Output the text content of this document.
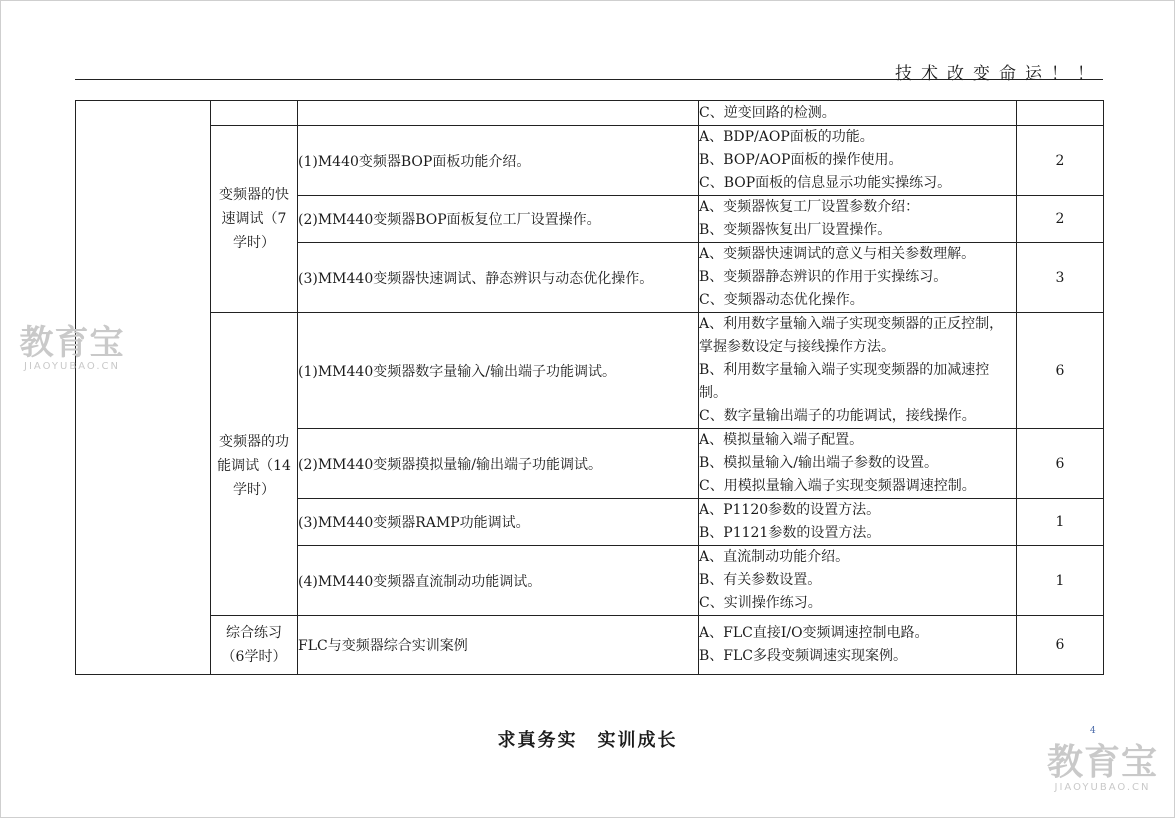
技术改变命运！！

			C、逆变回路的检测。	

	变频器的快速调试（7学时）	(1)M440变频器BOP面板功能介绍。	A、BDP/AOP面板的功能。
B、BOP/AOP面板的操作使用。
C、BOP面板的信息显示功能实操练习。	2
		(2)MM440变频器BOP面板复位工厂设置操作。	A、变频器恢复工厂设置参数介绍：
B、变频器恢复出厂设置操作。	2
		(3)MM440变频器快速调试、静态辨识与动态优化操作。	A、变频器快速调试的意义与相关参数理解。
B、变频器静态辨识的作用于实操练习。
C、变频器动态优化操作。	3
	变频器的功能调试（14学时）	(1)MM440变频器数字量输入/输出端子功能调试。	A、利用数字量输入端子实现变频器的正反控制，掌握参数设定与接线操作方法。
B、利用数字量输入端子实现变频器的加减速控制。
C、数字量输出端子的功能调试，接线操作。	6
		(2)MM440变频器摸拟量输/输出端子功能调试。	A、模拟量输入端子配置。
B、模拟量输入/输出端子参数的设置。
C、用模拟量输入端子实现变频器调速控制。	6
		(3)MM440变频器RAMP功能调试。	A、P1120参数的设置方法。
B、P1121参数的设置方法。	1
		(4)MM440变频器直流制动功能调试。	A、直流制动功能介绍。
B、有关参数设置。
C、实训操作练习。	1
	综合练习（6学时）	FLC与变频器综合实训案例	A、FLC直接I/O变频调速控制电路。
B、FLC多段变频调速实现案例。	6
教育宝
JIAOYUBAO.CN
求真务实　实训成长	4
教育宝
JIAOYUBAO.CN
